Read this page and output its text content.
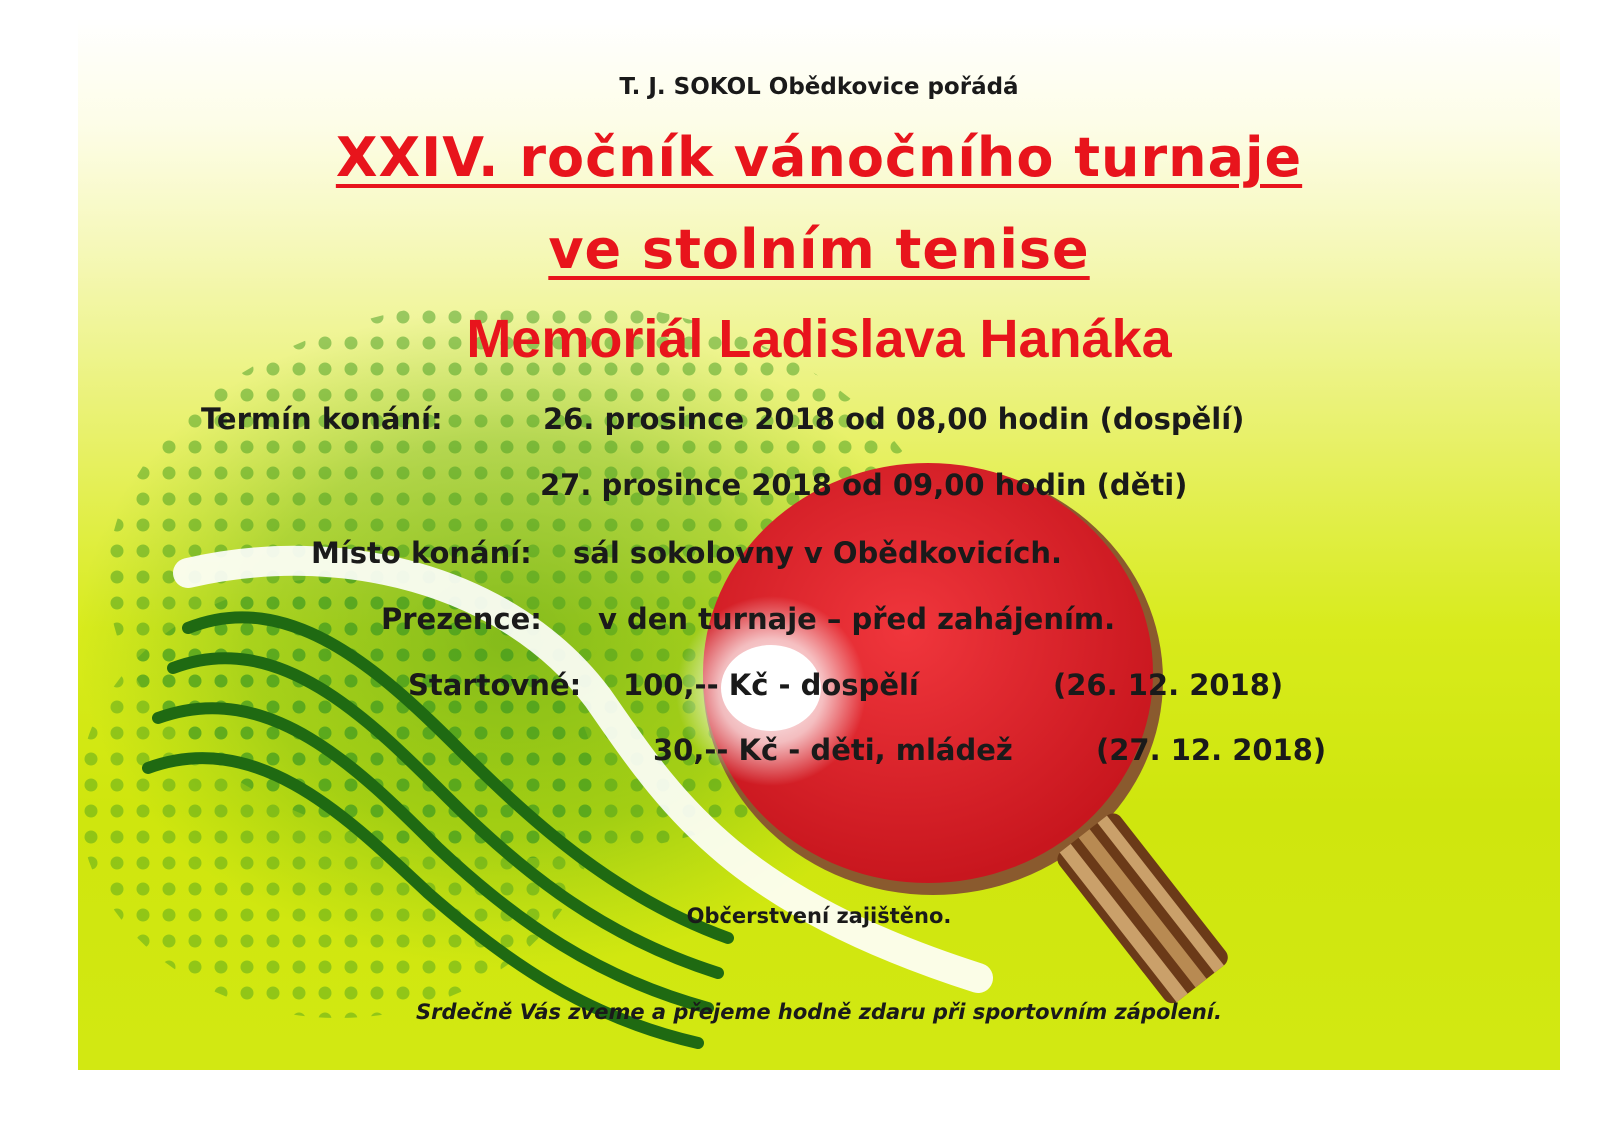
T. J. SOKOL Obědkovice pořádá
XXIV. ročník vánočního turnaje
ve stolním tenise
Memoriál Ladislava Hanáka
Termín konání:	26. prosince 2018 od 08,00 hodin (dospělí)
27. prosince 2018 od 09,00 hodin (děti)
Místo konání: sál sokolovny v Obědkovicích.
Prezence: v den turnaje – před zahájením.
Startovné: 100,-- Kč - dospělí	(26. 12. 2018)
30,-- Kč - děti, mládež	(27. 12. 2018)
Občerstvení zajištěno.
Srdečně Vás zveme a přejeme hodně zdaru při sportovním zápolení.
